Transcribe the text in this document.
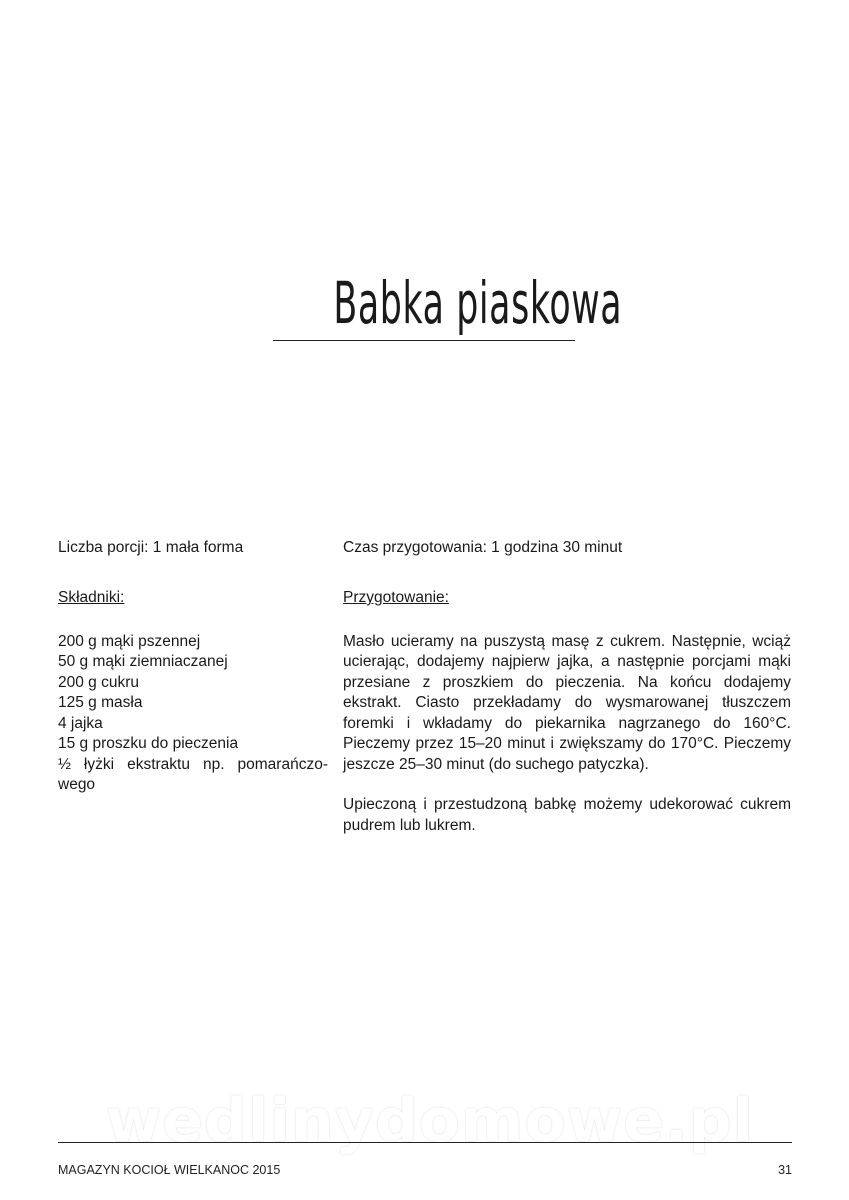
Babka piaskowa

Liczba porcji: 1 mała forma

Składniki:

200 g mąki pszennej
50 g mąki ziemniaczanej
200 g cukru
125 g masła
4 jajka
15 g proszku do pieczenia
½ łyżki ekstraktu np. pomarańczo-wego

Czas przygotowania: 1 godzina 30 minut

Przygotowanie:

Masło ucieramy na puszystą masę z cukrem. Następnie, wciąż ucierając, dodajemy najpierw jajka, a następnie porcjami mąki przesiane z proszkiem do pieczenia. Na końcu dodajemy ekstrakt. Ciasto przekładamy do wysmarowanej tłuszczem foremki i wkładamy do piekarnika nagrzanego do 160°C. Pieczemy przez 15–20 minut i zwiększamy do 170°C. Pieczemy jeszcze 25–30 minut (do suchego patyczka).

Upieczoną i przestudzoną babkę możemy udekorować cukrem pudrem lub lukrem.

wedlinydomowe.pl
MAGAZYN KOCIOŁ WIELKANOC 2015	31
